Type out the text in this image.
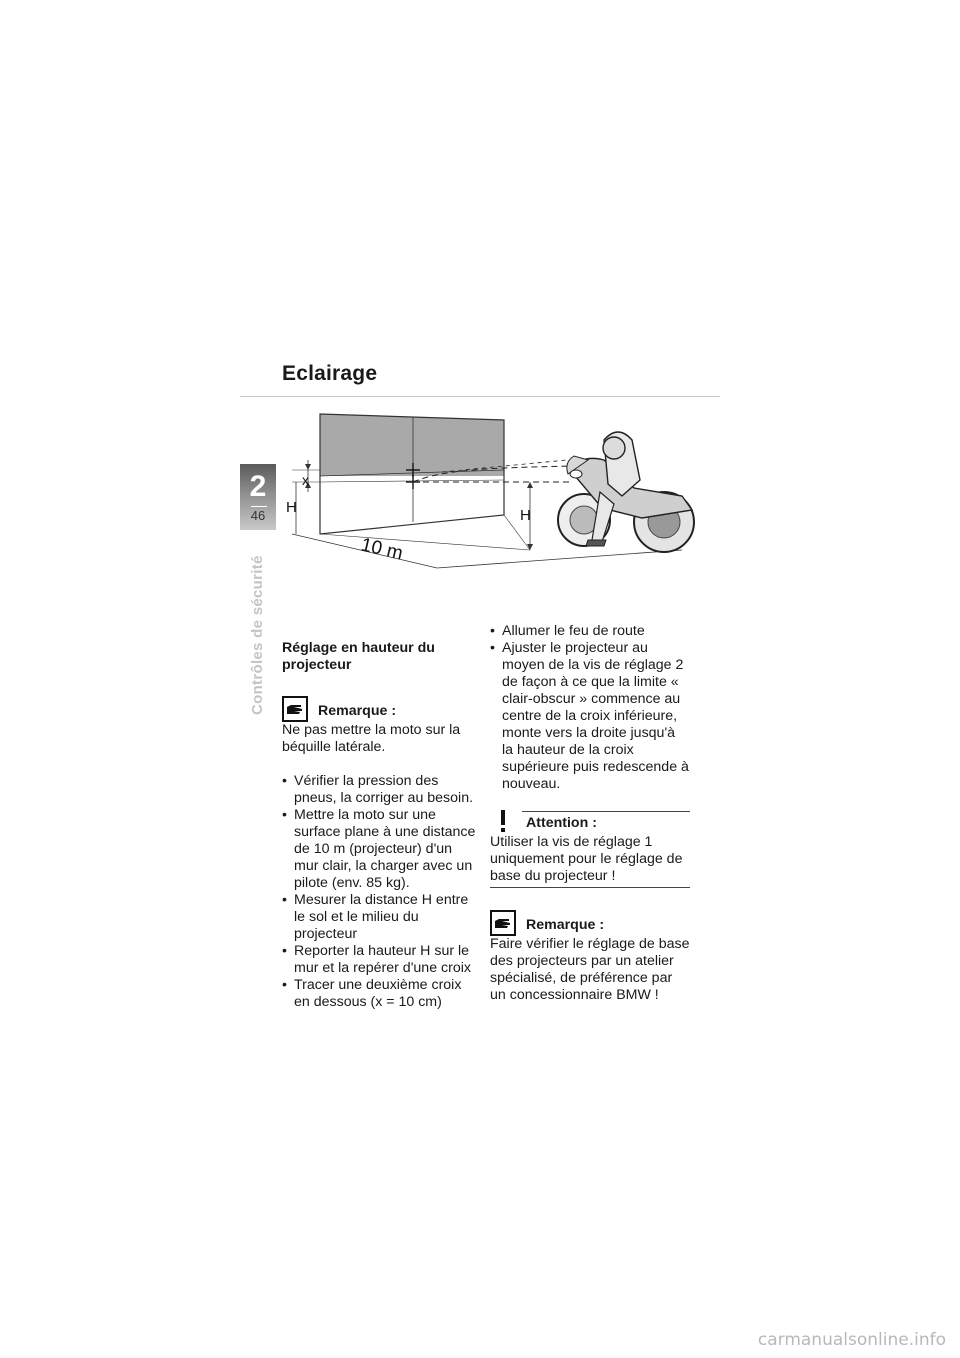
Eclairage
2
46
Contrôles de sécurité
x
H	H
10 m

Réglage en hauteur du projecteur

Remarque :

Ne pas mettre la moto sur la béquille latérale.

• Vérifier la pression des pneus, la corriger au besoin.
• Mettre la moto sur une surface plane à une distance de 10 m (projecteur) d'un mur clair, la charger avec un pilote (env. 85 kg).
• Mesurer la distance H entre le sol et le milieu du projecteur
• Reporter la hauteur H sur le mur et la repérer d'une croix
• Tracer une deuxième croix en dessous (x = 10 cm)
• Allumer le feu de route
• Ajuster le projecteur au moyen de la vis de réglage 2 de façon à ce que la limite « clair-obscur » commence au centre de la croix inférieure, monte vers la droite jusqu'à la hauteur de la croix supérieure puis redescende à nouveau.
Attention :

Utiliser la vis de réglage 1 uniquement pour le réglage de base du projecteur !

Remarque :

Faire vérifier le réglage de base des projecteurs par un atelier spécialisé, de préférence par un concessionnaire BMW !

carmanualsonline.info
